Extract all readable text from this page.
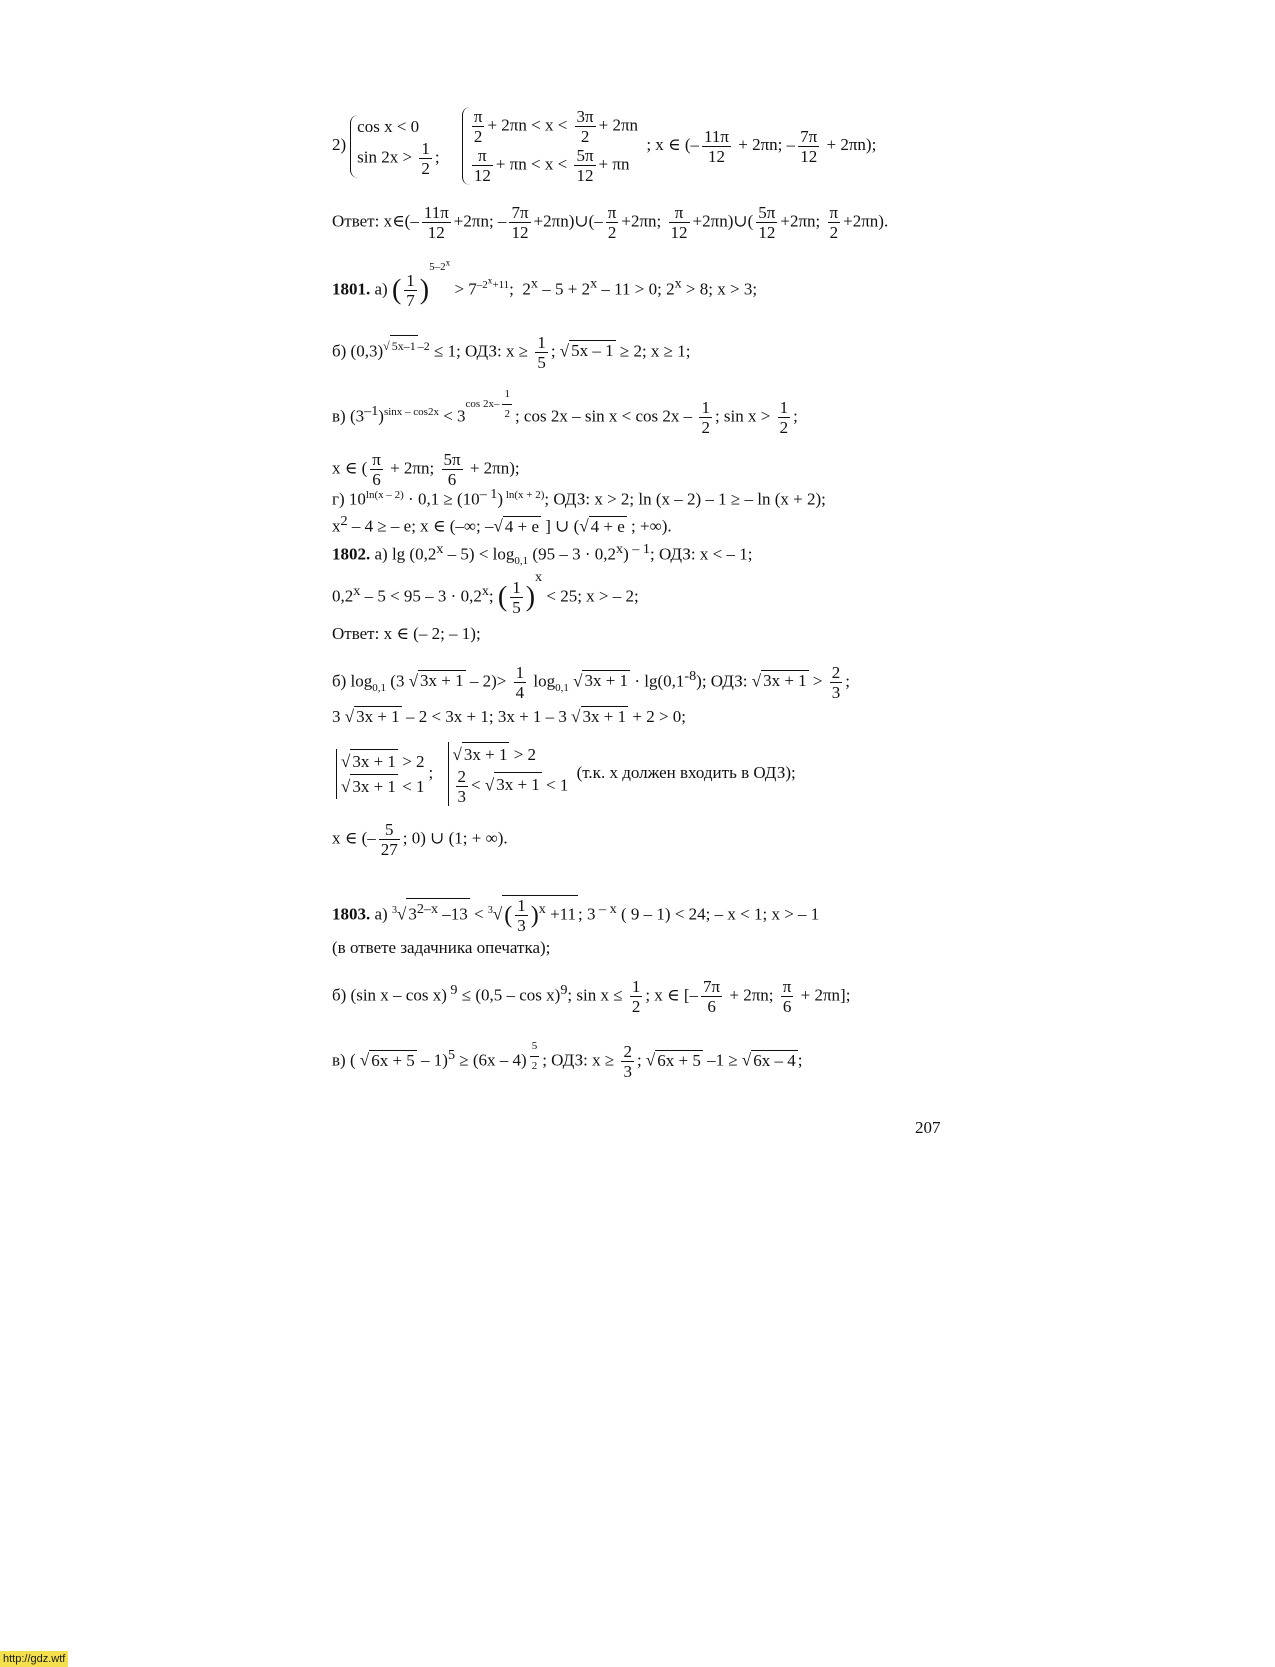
2)
cos x < 0
$\sin 2x > \frac{1}{2}$ ;

$\frac{\pi}{2} + 2\pi n < x < \frac{3\pi}{2} + 2\pi n$
$\frac{\pi}{12} + \pi n < x < \frac{5\pi}{12} + \pi n$
; x ∈ (– $\frac{11\pi}{12} + 2\pi n$; – $\frac{7\pi}{12} + 2\pi n$);
Ответ: x∈(– $\frac{11\pi}{12} +2\pi n$; – $\frac{7\pi}{12}$ +2πn)∪(– $\frac{\pi}{2} +2\pi n$; $\frac{\pi}{12}$ +2πn)∪( $\frac{5\pi}{12} +2\pi n$; $\frac{\pi}{2} +2\pi n$).
1801. а) ( $\frac{1}{7} )^{5-2^x} > 7^{-2^x+11}$;  $2^x - 5 + 2^x - 11 > 0$; $2^x > 8$; x > 3;
б) $(0,3)^{√ 5x-1 -2} \le 1$; ОДЗ: $x \ge \frac{1}{5}$ ; √ 5x – 1 ≥ 2; x ≥ 1;
в) $(3^{-1})^{sinx - cos2x} < 3^{cos 2x- \frac{1}{2}}$ ; $\cos 2x - \sin x < \cos 2x - \frac{1}{2}$ ; $\sin x > \frac{1}{2}$ ;
x ∈ ( $\frac{\pi}{6} + 2\pi n$; $\frac{5\pi}{6} + 2\pi n$);
г) $10^{ln(x - 2)} \cdot 0,1 \ge (10^{- 1})$ $^{ln(x + 2)}$; ОДЗ: x > 2; ln (x – 2) – 1 ≥ – ln (x + 2);
$x^2 - 4$ ≥ – e; x ∈ (–∞; –√ 4 + e ] ∪ (√ 4 + e ; +∞).
1802. а) $\lg (0,2^x - 5) < \log_{0,1} (95 - 3 \cdot 0,2^x)$ $^{- 1}$; ОДЗ: x < – 1;
$0,2^x - 5 < 95 - 3 \cdot 0,2^x$; ( $\frac{1}{5} )^x < 25$; x > – 2;
Ответ: x ∈ (– 2; – 1);
б) $\log_{0,1} (3$ √ $3x + 1 - 2)> \frac{1}{4} \log_{0,1}$ √ $3x + 1 \cdot \lg(0,1^{-8})$; ОДЗ: √ $3x + 1 > \frac{2}{3}$ ;
3 √ 3x + 1 – 2 < 3x + 1; 3x + 1 – 3 √ 3x + 1 + 2 > 0;
√ 3x + 1 > 2
√ 3x + 1 < 1
;
√ 3x + 1 > 2
$\frac{2}{3}$ < √ 3x + 1 < 1
(т.к. x должен входить в ОДЗ);
x ∈ (– $\frac{5}{27}$ ; 0) ∪ (1; + ∞).
1803. а) $^3$√ 3$^{2-x}$ $-13 < ^3√( \frac{1}{3} )^x +11$ ; 3 $^{- x}$ ( 9 – 1) < 24; – x < 1; x > – 1
(в ответе задачника опечатка);
б) (sin x – cos x) $^9$ ≤ (0,5 – cos x)$^9$; $\sin x \le \frac{1}{2}$ ; x ∈ [– $\frac{7\pi}{6} + 2\pi n$; $\frac{\pi}{6} + 2\pi n$];
в) ( √ 6x + 5 – 1)$^5$ ≥ (6x – 4) $^{\frac{5}{2}}$ ; ОДЗ: $x \ge \frac{2}{3}$ ; √ 6x + 5 –1 ≥ √ 6x – 4 ;
207
http://gdz.wtf
